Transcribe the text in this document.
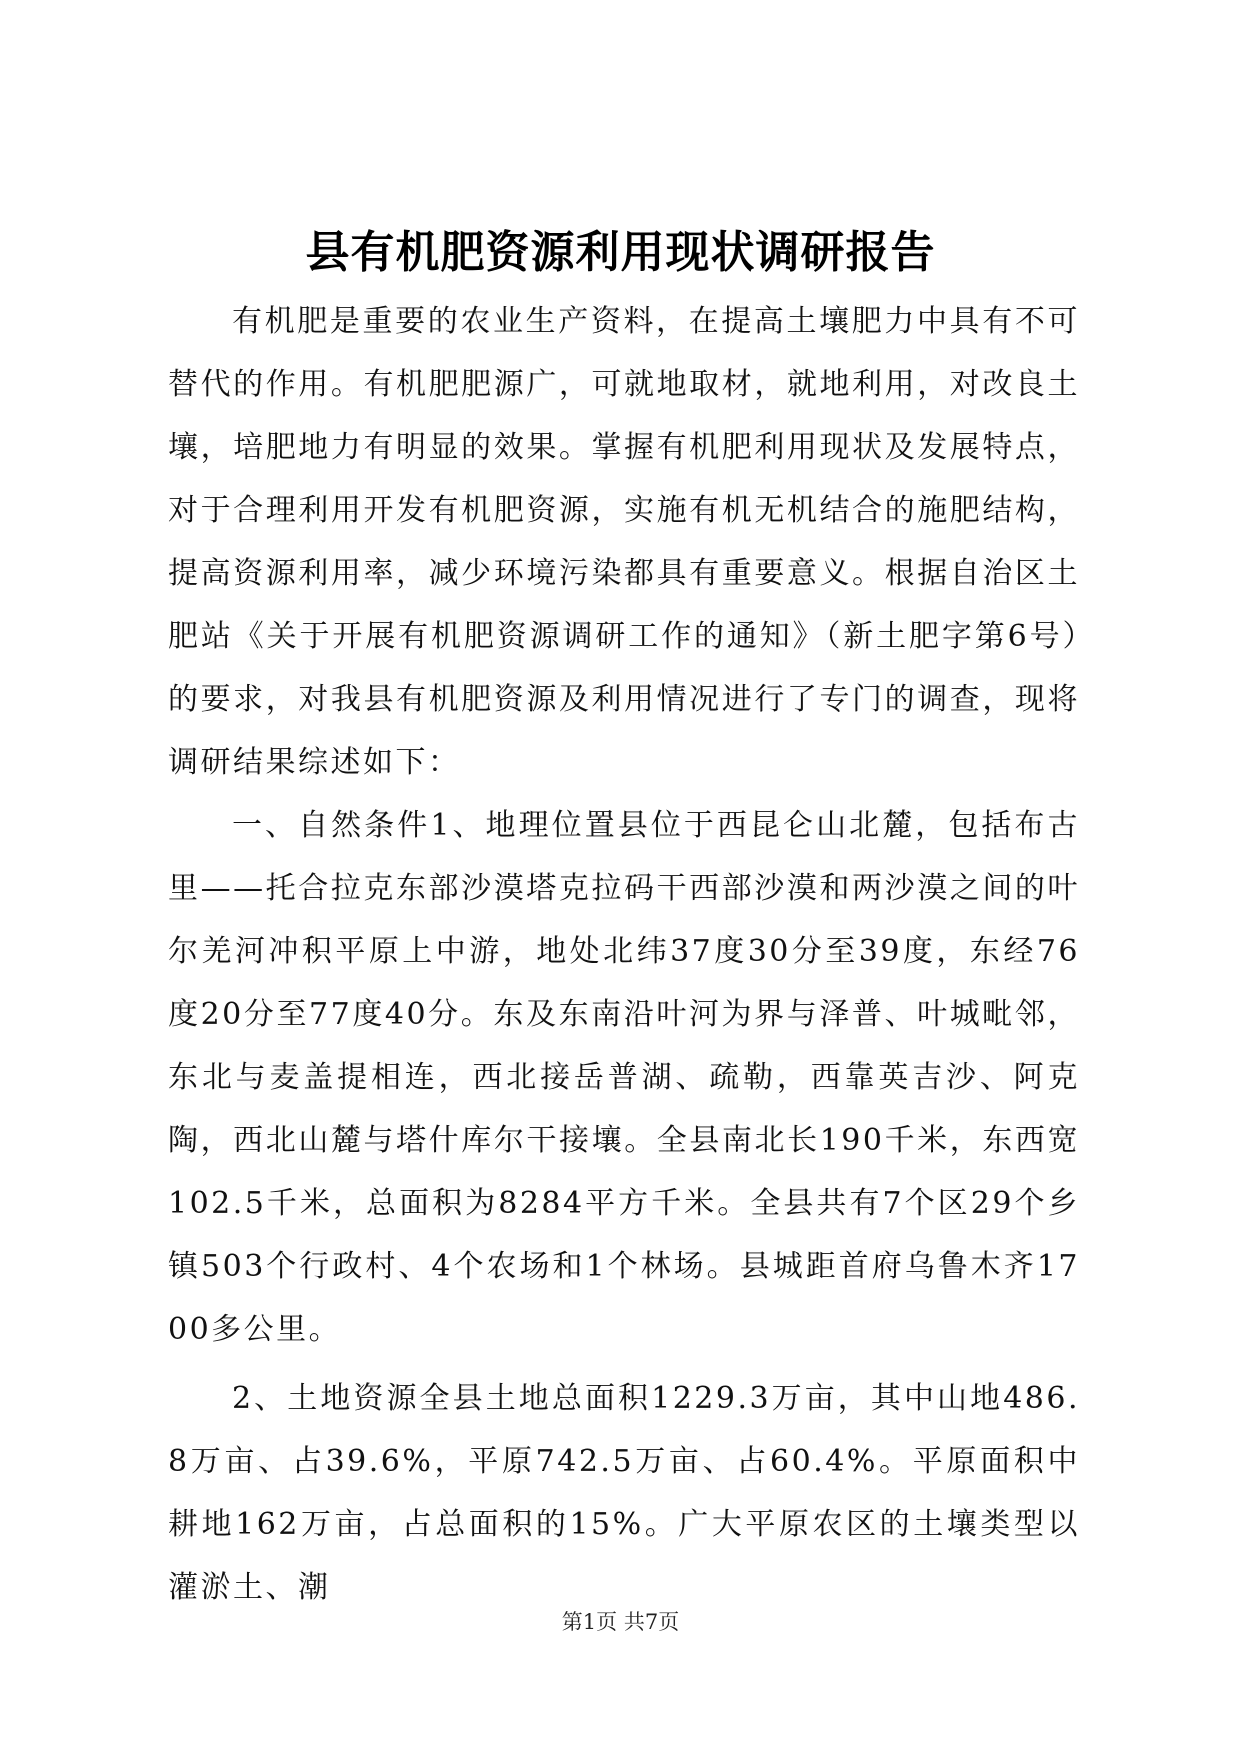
县有机肥资源利用现状调研报告

有机肥是重要的农业生产资料，在提高土壤肥力中具有不可替代的作用。有机肥肥源广，可就地取材，就地利用，对改良土壤，培肥地力有明显的效果。掌握有机肥利用现状及发展特点，对于合理利用开发有机肥资源，实施有机无机结合的施肥结构，提高资源利用率，减少环境污染都具有重要意义。根据自治区土肥站《关于开展有机肥资源调研工作的通知》（新土肥字第6号）的要求，对我县有机肥资源及利用情况进行了专门的调查，现将调研结果综述如下：

一、自然条件1、地理位置县位于西昆仑山北麓，包括布古里——托合拉克东部沙漠塔克拉码干西部沙漠和两沙漠之间的叶尔羌河冲积平原上中游，地处北纬37度30分至39度，东经76度20分至77度40分。东及东南沿叶河为界与泽普、叶城毗邻，东北与麦盖提相连，西北接岳普湖、疏勒，西靠英吉沙、阿克陶，西北山麓与塔什库尔干接壤。全县南北长190千米，东西宽102.5千米，总面积为8284平方千米。全县共有7个区29个乡镇503个行政村、4个农场和1个林场。县城距首府乌鲁木齐1700多公里。

2、土地资源全县土地总面积1229.3万亩，其中山地486.8万亩、占39.6%，平原742.5万亩、占60.4%。平原面积中耕地162万亩，占总面积的15%。广大平原农区的土壤类型以灌淤土、潮

第1页 共7页
